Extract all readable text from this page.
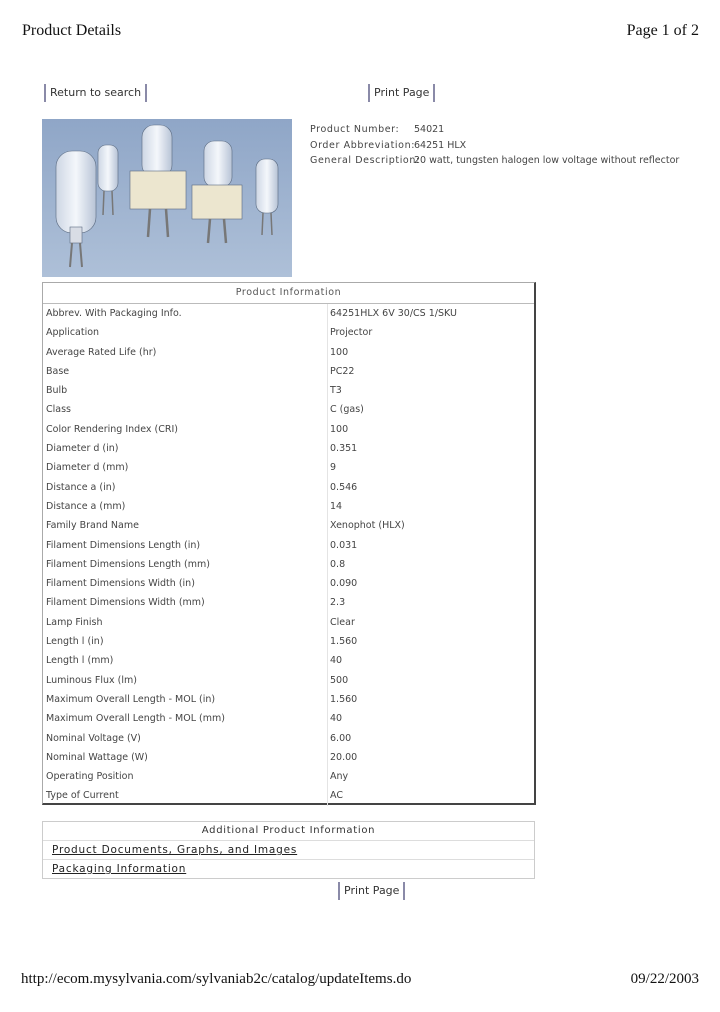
Product Details	Page 1 of 2
Return to search	Print Page
Product Number: 54021
Order Abbreviation:64251 HLX
General Description:20 watt, tungsten halogen low voltage without reflector
Product Information
Abbrev. With Packaging Info.	64251HLX 6V 30/CS 1/SKU
Application	Projector
Average Rated Life (hr)	100
Base	PC22
Bulb	T3
Class	C (gas)
Color Rendering Index (CRI)	100
Diameter d (in)	0.351
Diameter d (mm)	9
Distance a (in)	0.546
Distance a (mm)	14
Family Brand Name	Xenophot (HLX)
Filament Dimensions Length (in)	0.031
Filament Dimensions Length (mm)	0.8
Filament Dimensions Width (in)	0.090
Filament Dimensions Width (mm)	2.3
Lamp Finish	Clear
Length l (in)	1.560
Length l (mm)	40
Luminous Flux (lm)	500
Maximum Overall Length - MOL (in)	1.560
Maximum Overall Length - MOL (mm)	40
Nominal Voltage (V)	6.00
Nominal Wattage (W)	20.00
Operating Position	Any
Type of Current	AC
Additional Product Information
Product Documents, Graphs, and Images
Packaging Information
Print Page
http://ecom.mysylvania.com/sylvaniab2c/catalog/updateItems.do	09/22/2003
